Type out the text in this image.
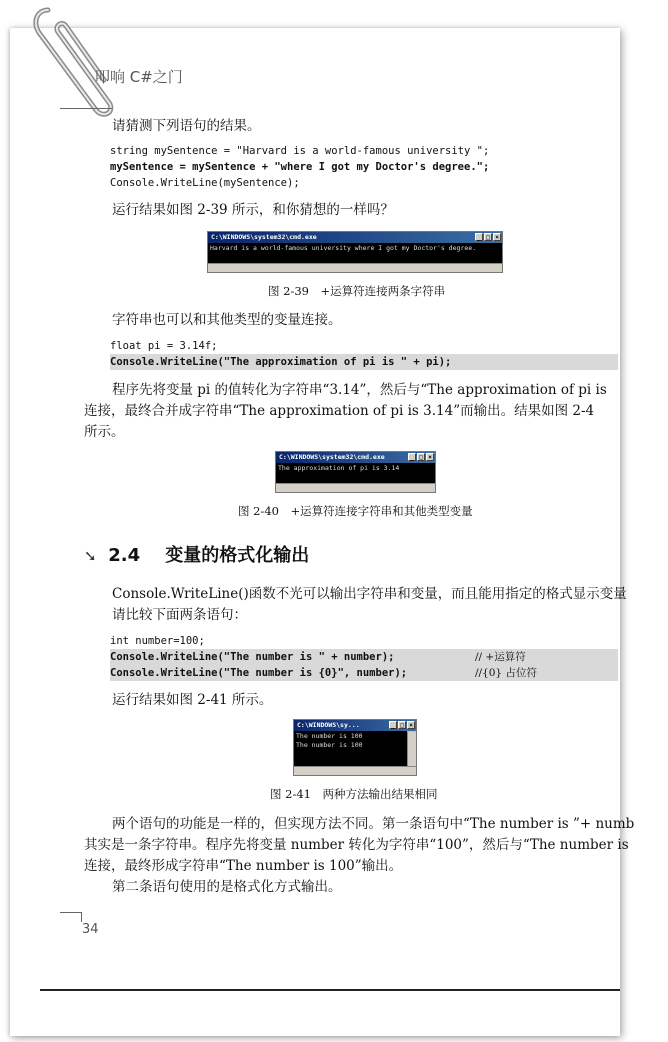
叩响 C#之门
请猜测下列语句的结果。
string mySentence = "Harvard is a world-famous university ";
mySentence = mySentence + "where I got my Doctor's degree.";
Console.WriteLine(mySentence);
运行结果如图 2-39 所示，和你猜想的一样吗？
C:\WINDOWS\system32\cmd.exe	_ □ ×
Harvard is a world-famous university where I got my Doctor's degree.
图 2-39　+运算符连接两条字符串
字符串也可以和其他类型的变量连接。
float pi = 3.14f;
Console.WriteLine("The approximation of pi is " + pi);
程序先将变量 pi 的值转化为字符串“3.14”，然后与“The approximation of pi is
连接，最终合并成字符串“The approximation of pi is 3.14”而输出。结果如图 2-4
所示。
C:\WINDOWS\system32\cmd.exe	_ □ ×
The approximation of pi is 3.14
图 2-40　+运算符连接字符串和其他类型变量
➘ 2.4 变量的格式化输出
Console.WriteLine()函数不光可以输出字符串和变量，而且能用指定的格式显示变量
请比较下面两条语句：
int number=100;
Console.WriteLine("The number is " + number);	// +运算符
Console.WriteLine("The number is {0}", number);	//{0} 占位符
运行结果如图 2-41 所示。
C:\WINDOWS\sy...	_ □ ×
The number is 100
The number is 100
图 2-41　两种方法输出结果相同
两个语句的功能是一样的，但实现方法不同。第一条语句中“The number is ”+ numb
其实是一条字符串。程序先将变量 number 转化为字符串“100”，然后与“The number is
连接，最终形成字符串“The number is 100”输出。
第二条语句使用的是格式化方式输出。
34
